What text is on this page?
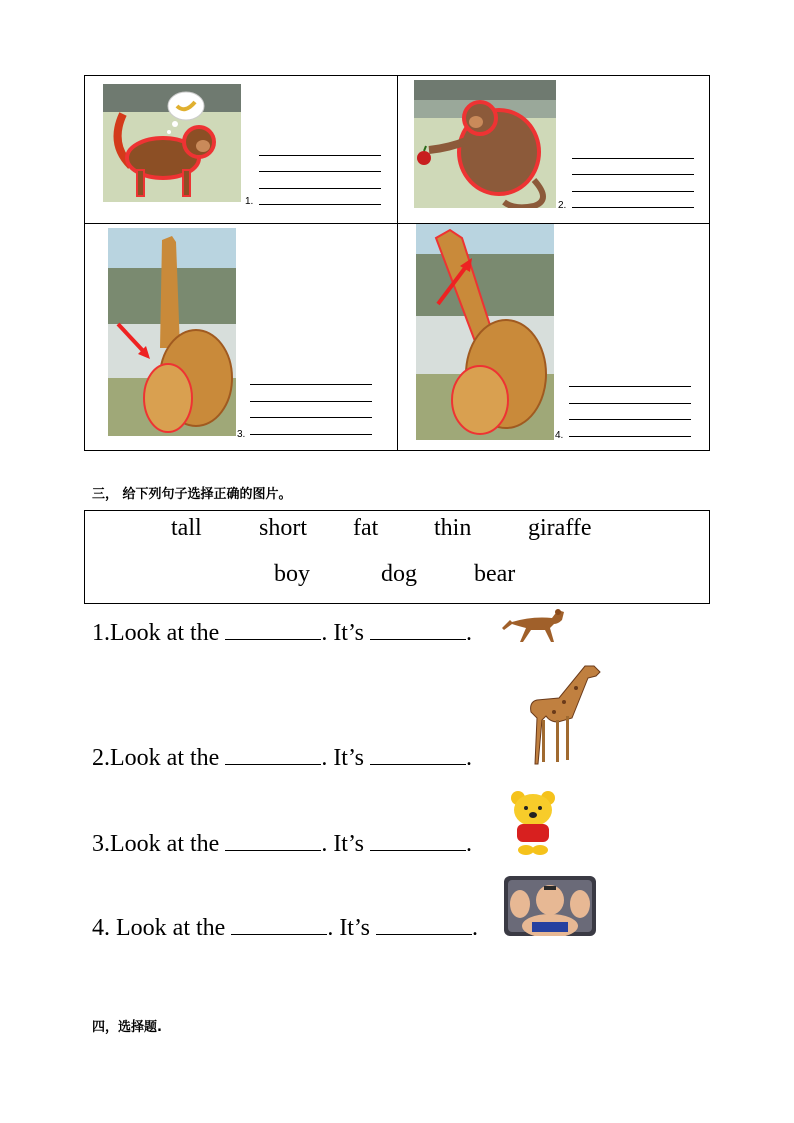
1.	2.
3.	4.
三， 给下列句子选择正确的图片。
tall short fat thin giraffe
boy	dog bear
1.Look at the	. It’s	.
2.Look at the	. It’s	.
3.Look at the	. It’s	.
4. Look at the	. It’s	.
四，选择题.
